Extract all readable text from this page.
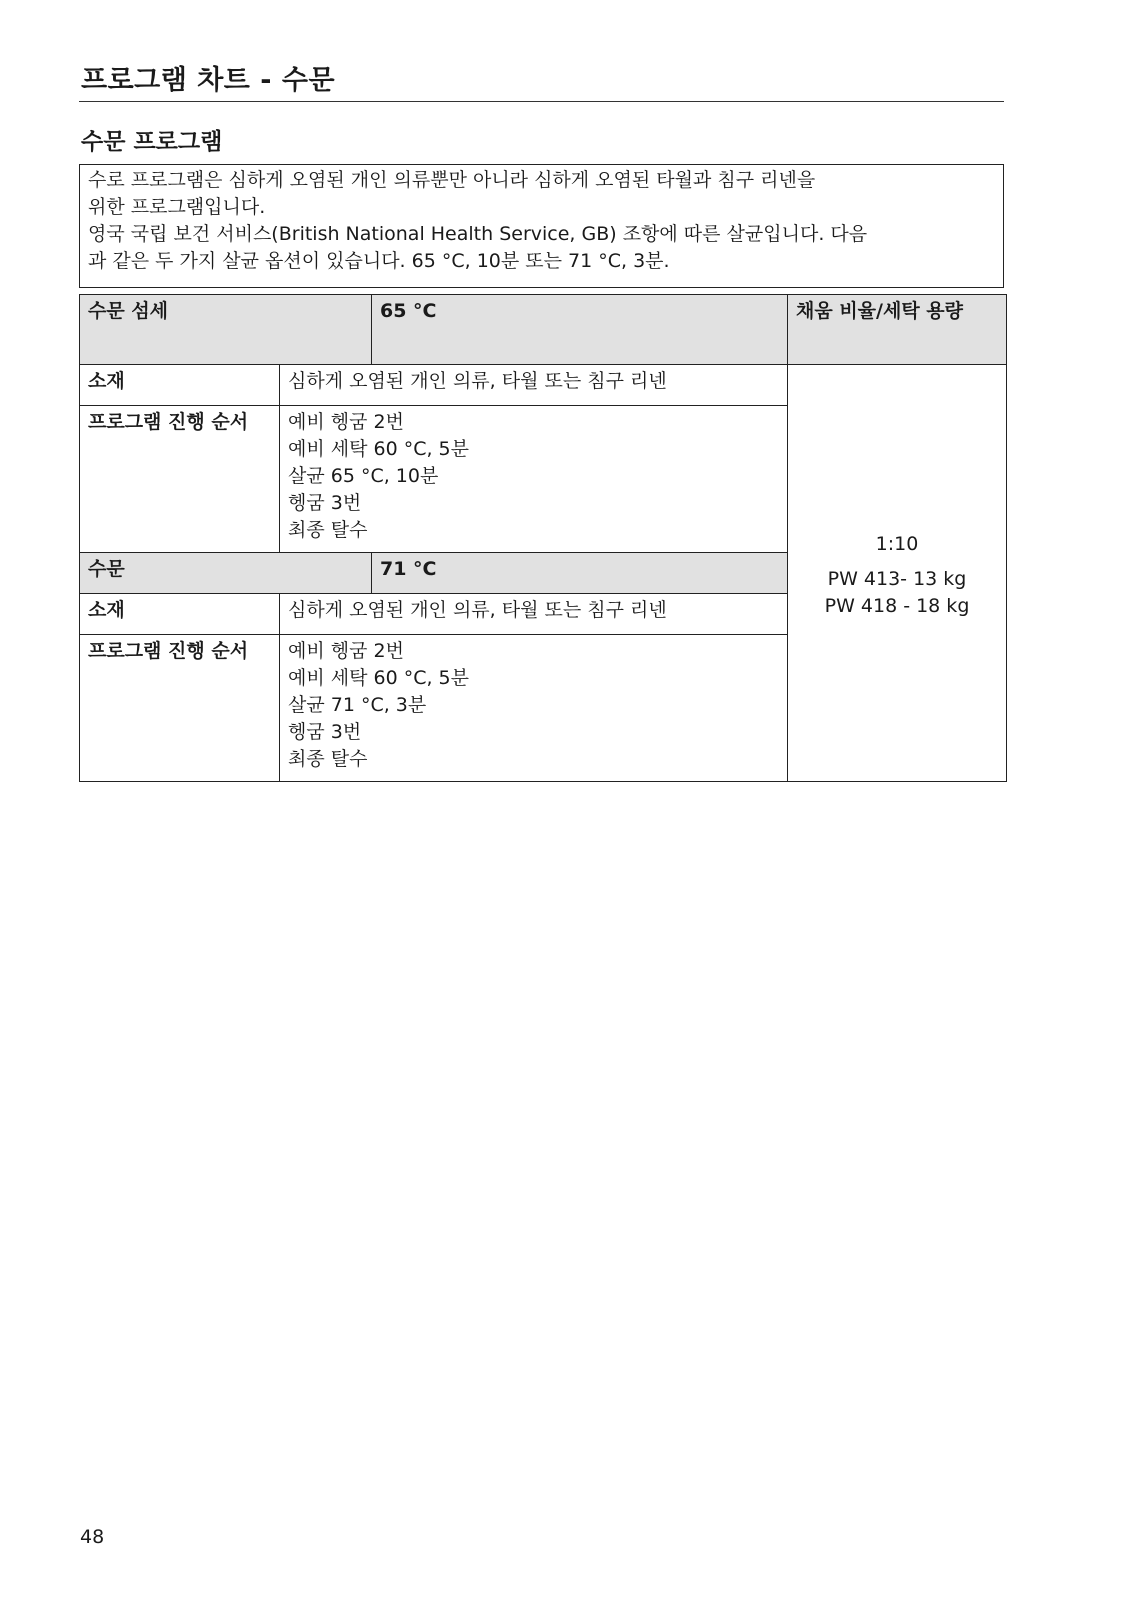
프로그램 차트 - 수문
수문 프로그램

수로 프로그램은 심하게 오염된 개인 의류뿐만 아니라 심하게 오염된 타월과 침구 리넨을

위한 프로그램입니다.

영국 국립 보건 서비스(British National Health Service, GB) 조항에 따른 살균입니다. 다음

과 같은 두 가지 살균 옵션이 있습니다. 65 °C, 10분 또는 71 °C, 3분.

수문 섬세		65 °C	채움 비율/세탁 용량
소재	심하게 오염된 개인 의류, 타월 또는 침구 리넨		1:10
PW 413- 13 kg
PW 418 - 18 kg

프로그램 진행 순서	예비 헹굼 2번
예비 세탁 60 °C, 5분
살균 65 °C, 10분
헹굼 3번
최종 탈수		

수문		71 °C	
소재	심하게 오염된 개인 의류, 타월 또는 침구 리넨		
프로그램 진행 순서	예비 헹굼 2번
예비 세탁 60 °C, 5분
살균 71 °C, 3분
헹굼 3번
최종 탈수		
48
